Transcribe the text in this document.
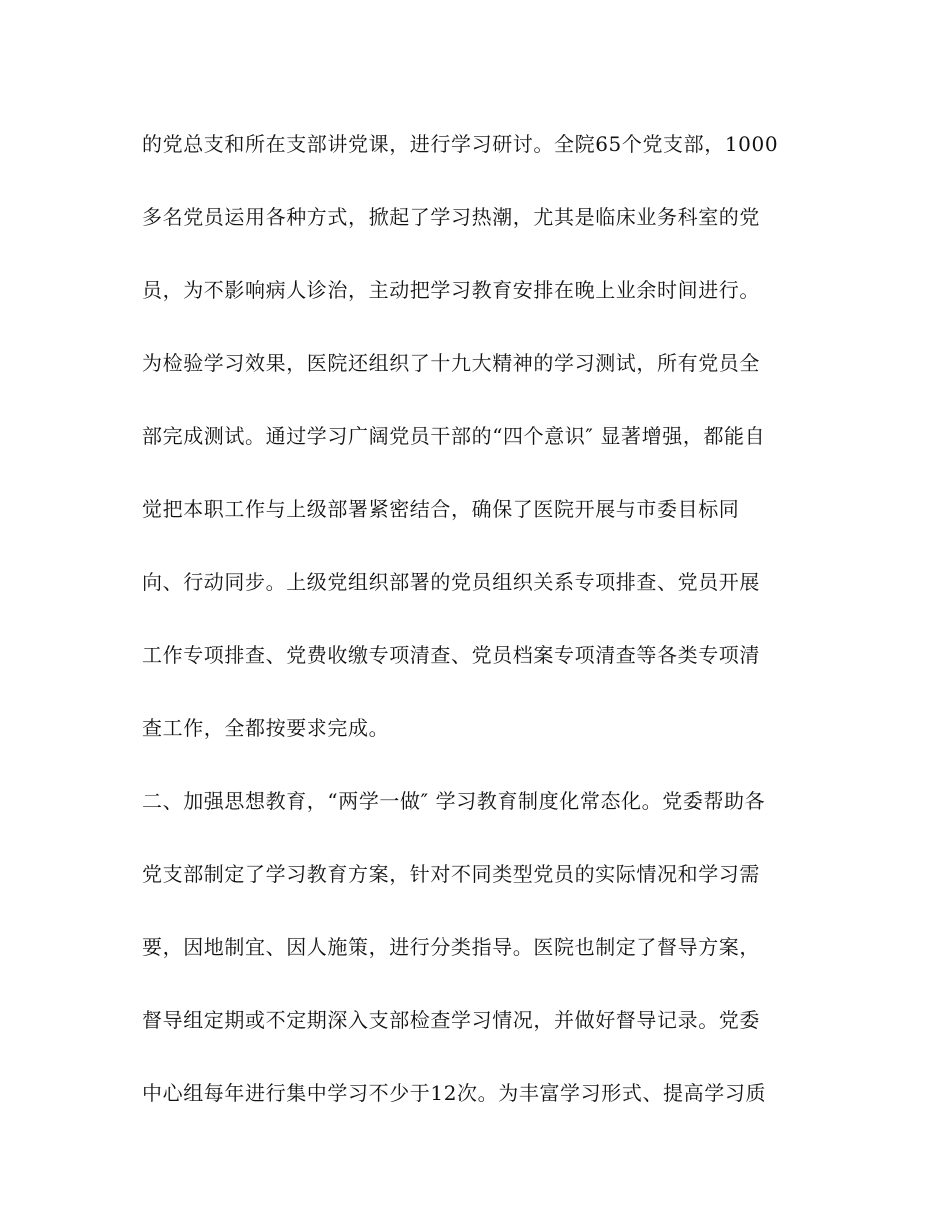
的党总支和所在支部讲党课，进行学习研讨。全院65个党支部，1000
多名党员运用各种方式，掀起了学习热潮，尤其是临床业务科室的党
员，为不影响病人诊治，主动把学习教育安排在晚上业余时间进行。
为检验学习效果，医院还组织了十九大精神的学习测试，所有党员全
部完成测试。通过学习广阔党员干部的“四个意识″ 显著增强，都能自
觉把本职工作与上级部署紧密结合，确保了医院开展与市委目标同
向、行动同步。上级党组织部署的党员组织关系专项排查、党员开展
工作专项排查、党费收缴专项清查、党员档案专项清查等各类专项清
查工作，全都按要求完成。
二、加强思想教育，“两学一做″ 学习教育制度化常态化。党委帮助各
党支部制定了学习教育方案，针对不同类型党员的实际情况和学习需
要，因地制宜、因人施策，进行分类指导。医院也制定了督导方案，
督导组定期或不定期深入支部检查学习情况，并做好督导记录。党委
中心组每年进行集中学习不少于12次。为丰富学习形式、提高学习质
